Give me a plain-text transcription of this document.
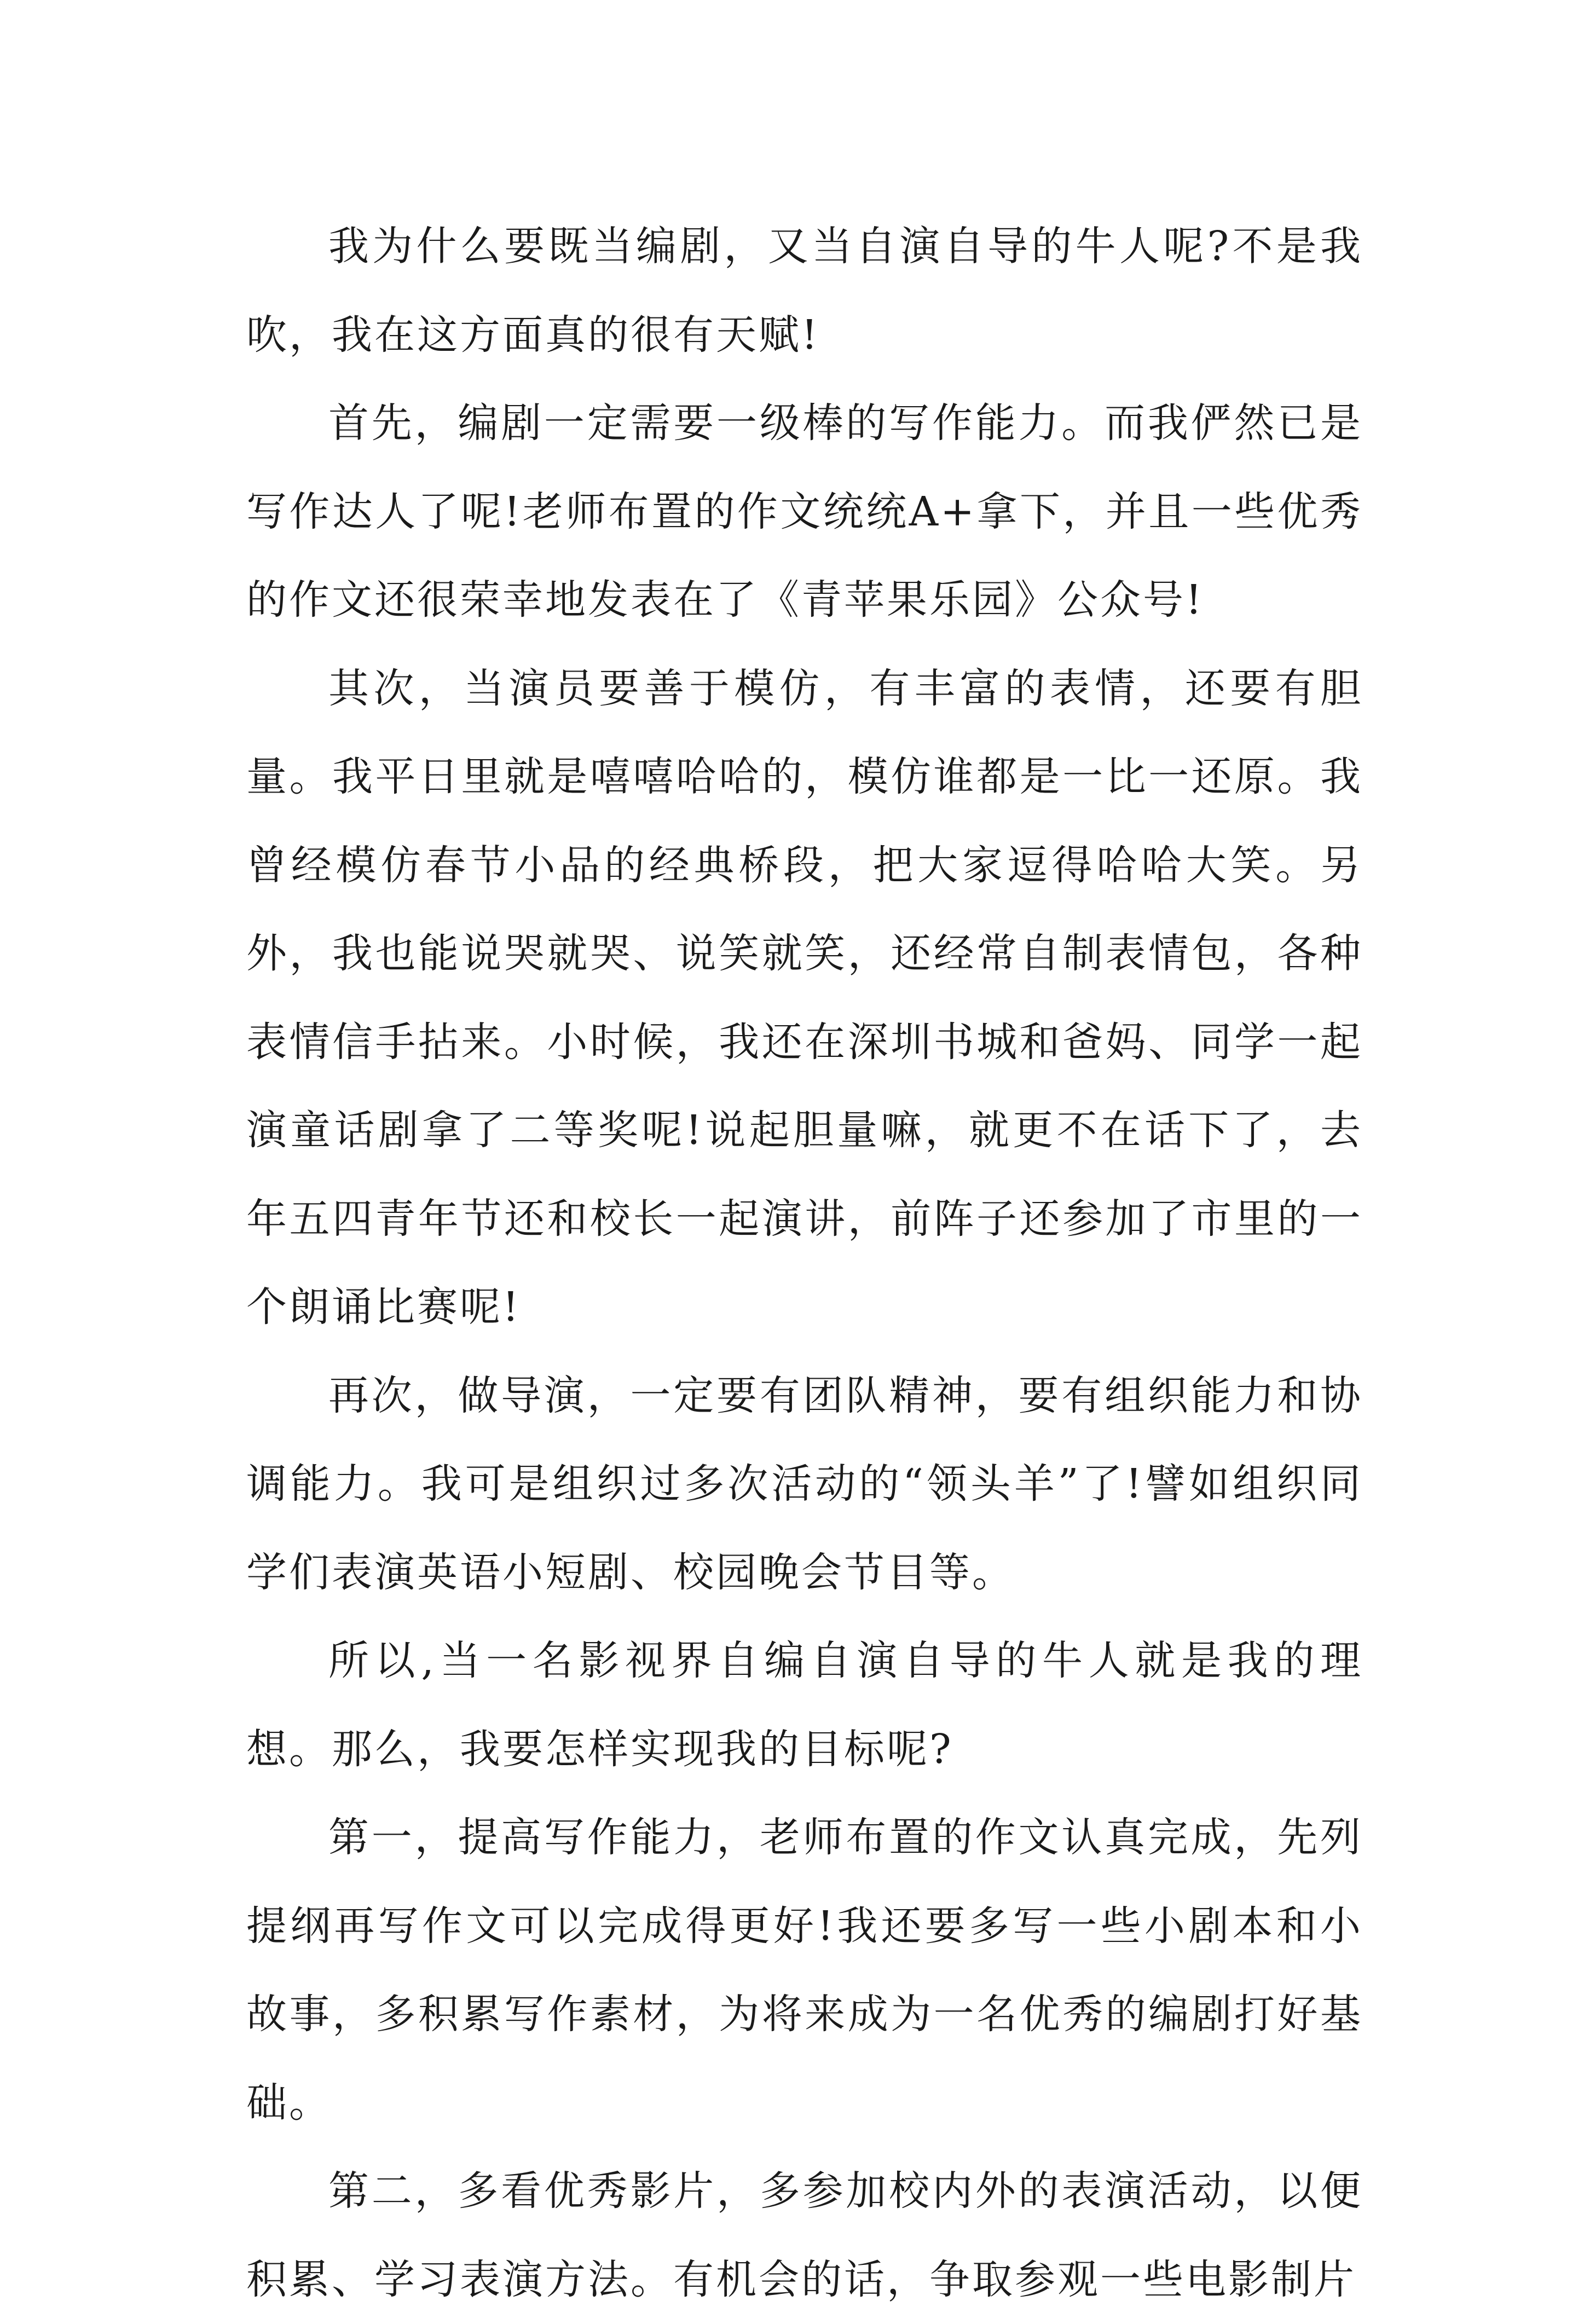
我为什么要既当编剧，又当自演自导的牛人呢?不是我吹，我在这方面真的很有天赋!

首先，编剧一定需要一级棒的写作能力。而我俨然已是写作达人了呢!老师布置的作文统统A+拿下，并且一些优秀的作文还很荣幸地发表在了《青苹果乐园》公众号!

其次，当演员要善于模仿，有丰富的表情，还要有胆量。我平日里就是嘻嘻哈哈的，模仿谁都是一比一还原。我曾经模仿春节小品的经典桥段，把大家逗得哈哈大笑。另外，我也能说哭就哭、说笑就笑，还经常自制表情包，各种表情信手拈来。小时候，我还在深圳书城和爸妈、同学一起演童话剧拿了二等奖呢!说起胆量嘛，就更不在话下了，去年五四青年节还和校长一起演讲，前阵子还参加了市里的一个朗诵比赛呢!

再次，做导演，一定要有团队精神，要有组织能力和协调能力。我可是组织过多次活动的“领头羊”了!譬如组织同学们表演英语小短剧、校园晚会节目等。

所以,当一名影视界自编自演自导的牛人就是我的理想。那么，我要怎样实现我的目标呢?

第一，提高写作能力，老师布置的作文认真完成，先列提纲再写作文可以完成得更好!我还要多写一些小剧本和小故事，多积累写作素材，为将来成为一名优秀的编剧打好基础。

第二，多看优秀影片，多参加校内外的表演活动，以便积累、学习表演方法。有机会的话，争取参观一些电影制片
